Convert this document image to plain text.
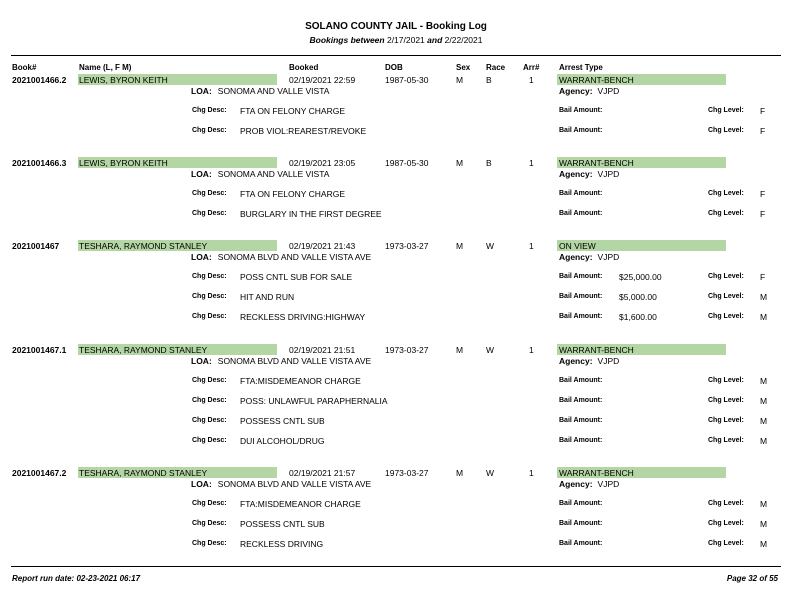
SOLANO COUNTY JAIL - Booking Log
Bookings between 2/17/2021 and 2/22/2021
Book#	Name (L, F M)	Booked	DOB	Sex Race Arr# Arrest Type
2021001466.2 LEWIS, BYRON KEITH	02/19/2021 22:59	1987-05-30	M	B	1	WARRANT-BENCH
LOA: SONOMA AND VALLE VISTA	Agency: VJPD
Chg Desc: FTA ON FELONY CHARGE	Bail Amount:	Chg Level: F
Chg Desc: PROB VIOL:REAREST/REVOKE	Bail Amount:	Chg Level: F
2021001466.3 LEWIS, BYRON KEITH	02/19/2021 23:05	1987-05-30	M	B	1	WARRANT-BENCH
LOA: SONOMA AND VALLE VISTA	Agency: VJPD
Chg Desc: FTA ON FELONY CHARGE	Bail Amount:	Chg Level: F
Chg Desc: BURGLARY IN THE FIRST DEGREE	Bail Amount:	Chg Level: F
2021001467 TESHARA, RAYMOND STANLEY	02/19/2021 21:43	1973-03-27	M	W	1	ON VIEW
LOA: SONOMA BLVD AND VALLE VISTA AVE	Agency: VJPD
Chg Desc: POSS CNTL SUB FOR SALE	Bail Amount: $25,000.00	Chg Level: F
Chg Desc: HIT AND RUN	Bail Amount: $5,000.00	Chg Level: M
Chg Desc: RECKLESS DRIVING:HIGHWAY	Bail Amount: $1,600.00	Chg Level: M
2021001467.1 TESHARA, RAYMOND STANLEY	02/19/2021 21:51	1973-03-27	M	W	1	WARRANT-BENCH
LOA: SONOMA BLVD AND VALLE VISTA AVE	Agency: VJPD
Chg Desc: FTA:MISDEMEANOR CHARGE	Bail Amount:	Chg Level: M
Chg Desc: POSS: UNLAWFUL PARAPHERNALIA	Bail Amount:	Chg Level: M
Chg Desc: POSSESS CNTL SUB	Bail Amount:	Chg Level: M
Chg Desc: DUI ALCOHOL/DRUG	Bail Amount:	Chg Level: M
2021001467.2 TESHARA, RAYMOND STANLEY	02/19/2021 21:57	1973-03-27	M	W	1	WARRANT-BENCH
LOA: SONOMA BLVD AND VALLE VISTA AVE	Agency: VJPD
Chg Desc: FTA:MISDEMEANOR CHARGE	Bail Amount:	Chg Level: M
Chg Desc: POSSESS CNTL SUB	Bail Amount:	Chg Level: M
Chg Desc: RECKLESS DRIVING	Bail Amount:	Chg Level: M
Report run date: 02-23-2021 06:17	Page 32 of 55
